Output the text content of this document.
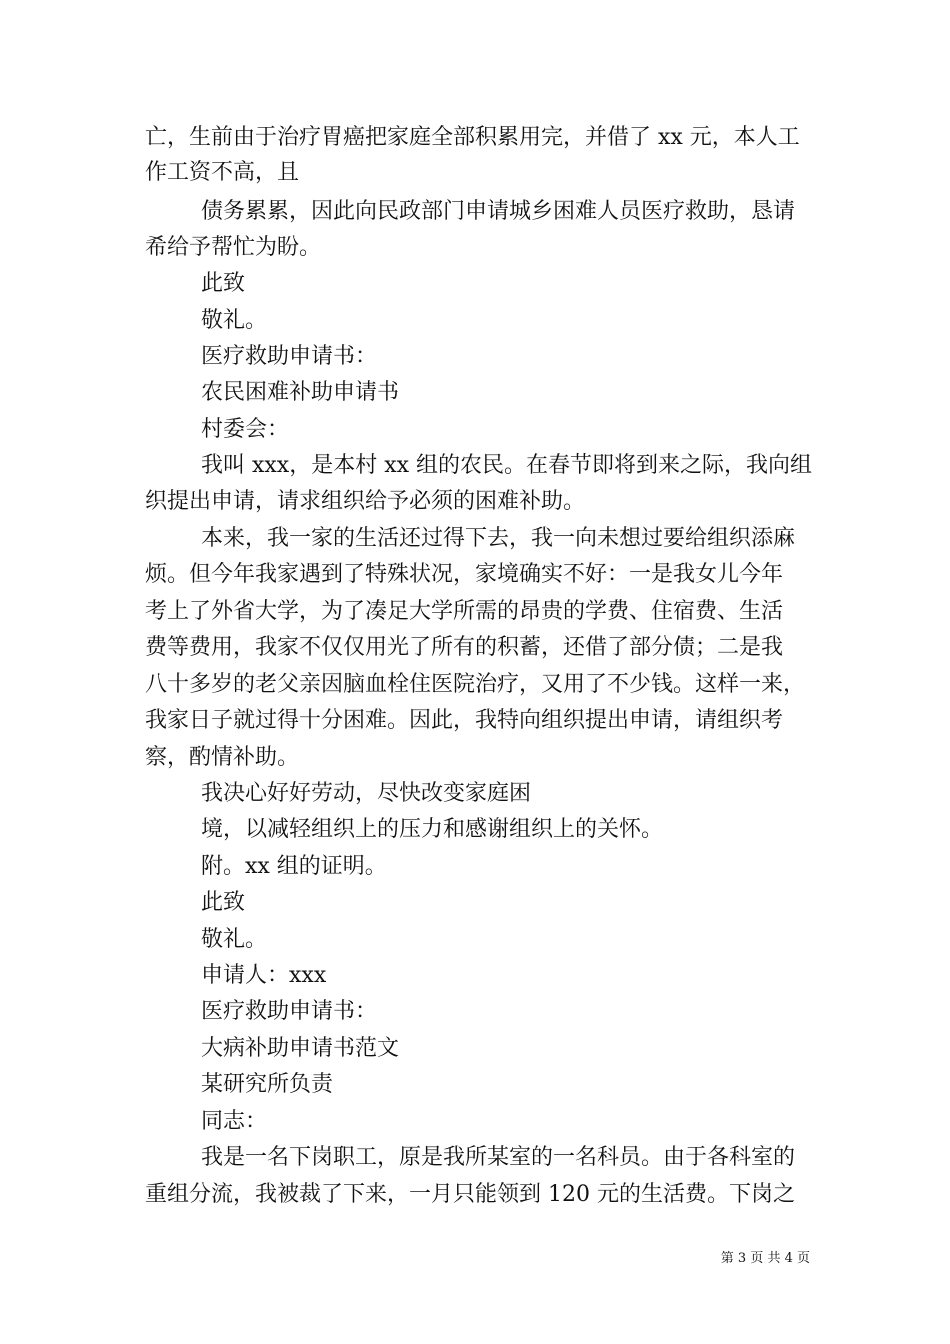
亡，生前由于治疗胃癌把家庭全部积累用完，并借了 xx 元，本人工
作工资不高，且
债务累累，因此向民政部门申请城乡困难人员医疗救助，恳请
希给予帮忙为盼。
此致
敬礼。
医疗救助申请书：
农民困难补助申请书
村委会：
我叫 xxx，是本村 xx 组的农民。在春节即将到来之际，我向组
织提出申请，请求组织给予必须的困难补助。
本来，我一家的生活还过得下去，我一向未想过要给组织添麻
烦。但今年我家遇到了特殊状况，家境确实不好：一是我女儿今年
考上了外省大学，为了凑足大学所需的昂贵的学费、住宿费、生活
费等费用，我家不仅仅用光了所有的积蓄，还借了部分债；二是我
八十多岁的老父亲因脑血栓住医院治疗，又用了不少钱。这样一来，
我家日子就过得十分困难。因此，我特向组织提出申请，请组织考
察，酌情补助。
我决心好好劳动，尽快改变家庭困
境，以减轻组织上的压力和感谢组织上的关怀。
附。xx 组的证明。
此致
敬礼。
申请人：xxx
医疗救助申请书：
大病补助申请书范文
某研究所负责
同志：
我是一名下岗职工，原是我所某室的一名科员。由于各科室的
重组分流，我被裁了下来，一月只能领到 120 元的生活费。下岗之
第 3 页 共 4 页
